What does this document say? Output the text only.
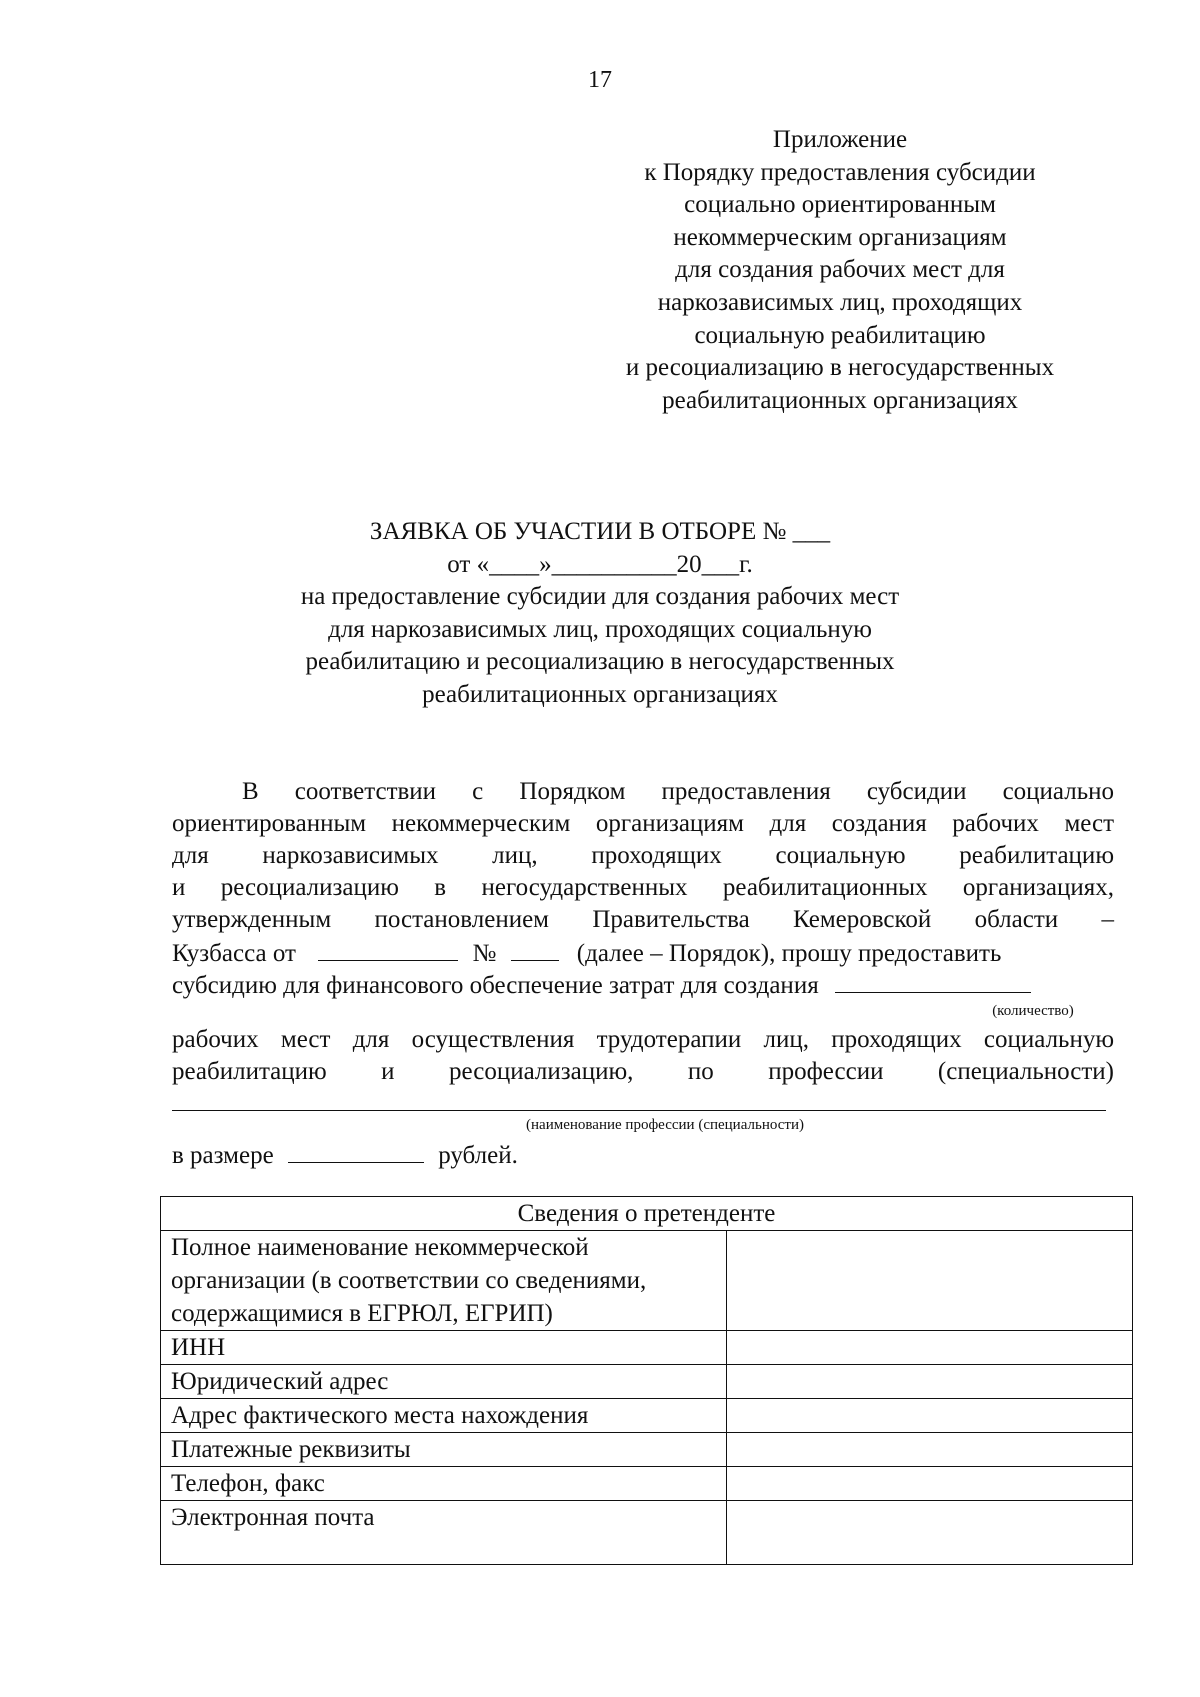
17
Приложение
к Порядку предоставления субсидии
социально ориентированным
некоммерческим организациям
для создания рабочих мест для
наркозависимых лиц, проходящих
социальную реабилитацию
и ресоциализацию в негосударственных
реабилитационных организациях
ЗАЯВКА ОБ УЧАСТИИ В ОТБОРЕ № ___
от «____»__________20___г.
на предоставление субсидии для создания рабочих мест
для наркозависимых лиц, проходящих социальную
реабилитацию и ресоциализацию в негосударственных
реабилитационных организациях
В соответствии с Порядком предоставления субсидии социально
ориентированным некоммерческим организациям для создания рабочих мест
для наркозависимых лиц, проходящих социальную реабилитацию
и ресоциализацию в негосударственных реабилитационных организациях,
утвержденным постановлением Правительства Кемеровской области –
Кузбасса от	№	(далее – Порядок), прошу предоставить
субсидию для финансового обеспечение затрат для создания
(количество)
рабочих мест для осуществления трудотерапии лиц, проходящих социальную
реабилитацию и ресоциализацию, по профессии (специальности)
(наименование профессии (специальности)
в размере	рублей.
Сведения о претенденте	
Полное наименование некоммерческой организации (в соответствии со сведениями, содержащимися в ЕГРЮЛ, ЕГРИП)	
ИНН	
Юридический адрес	
Адрес фактического места нахождения	
Платежные реквизиты	
Телефон, факс	
Электронная почта	
